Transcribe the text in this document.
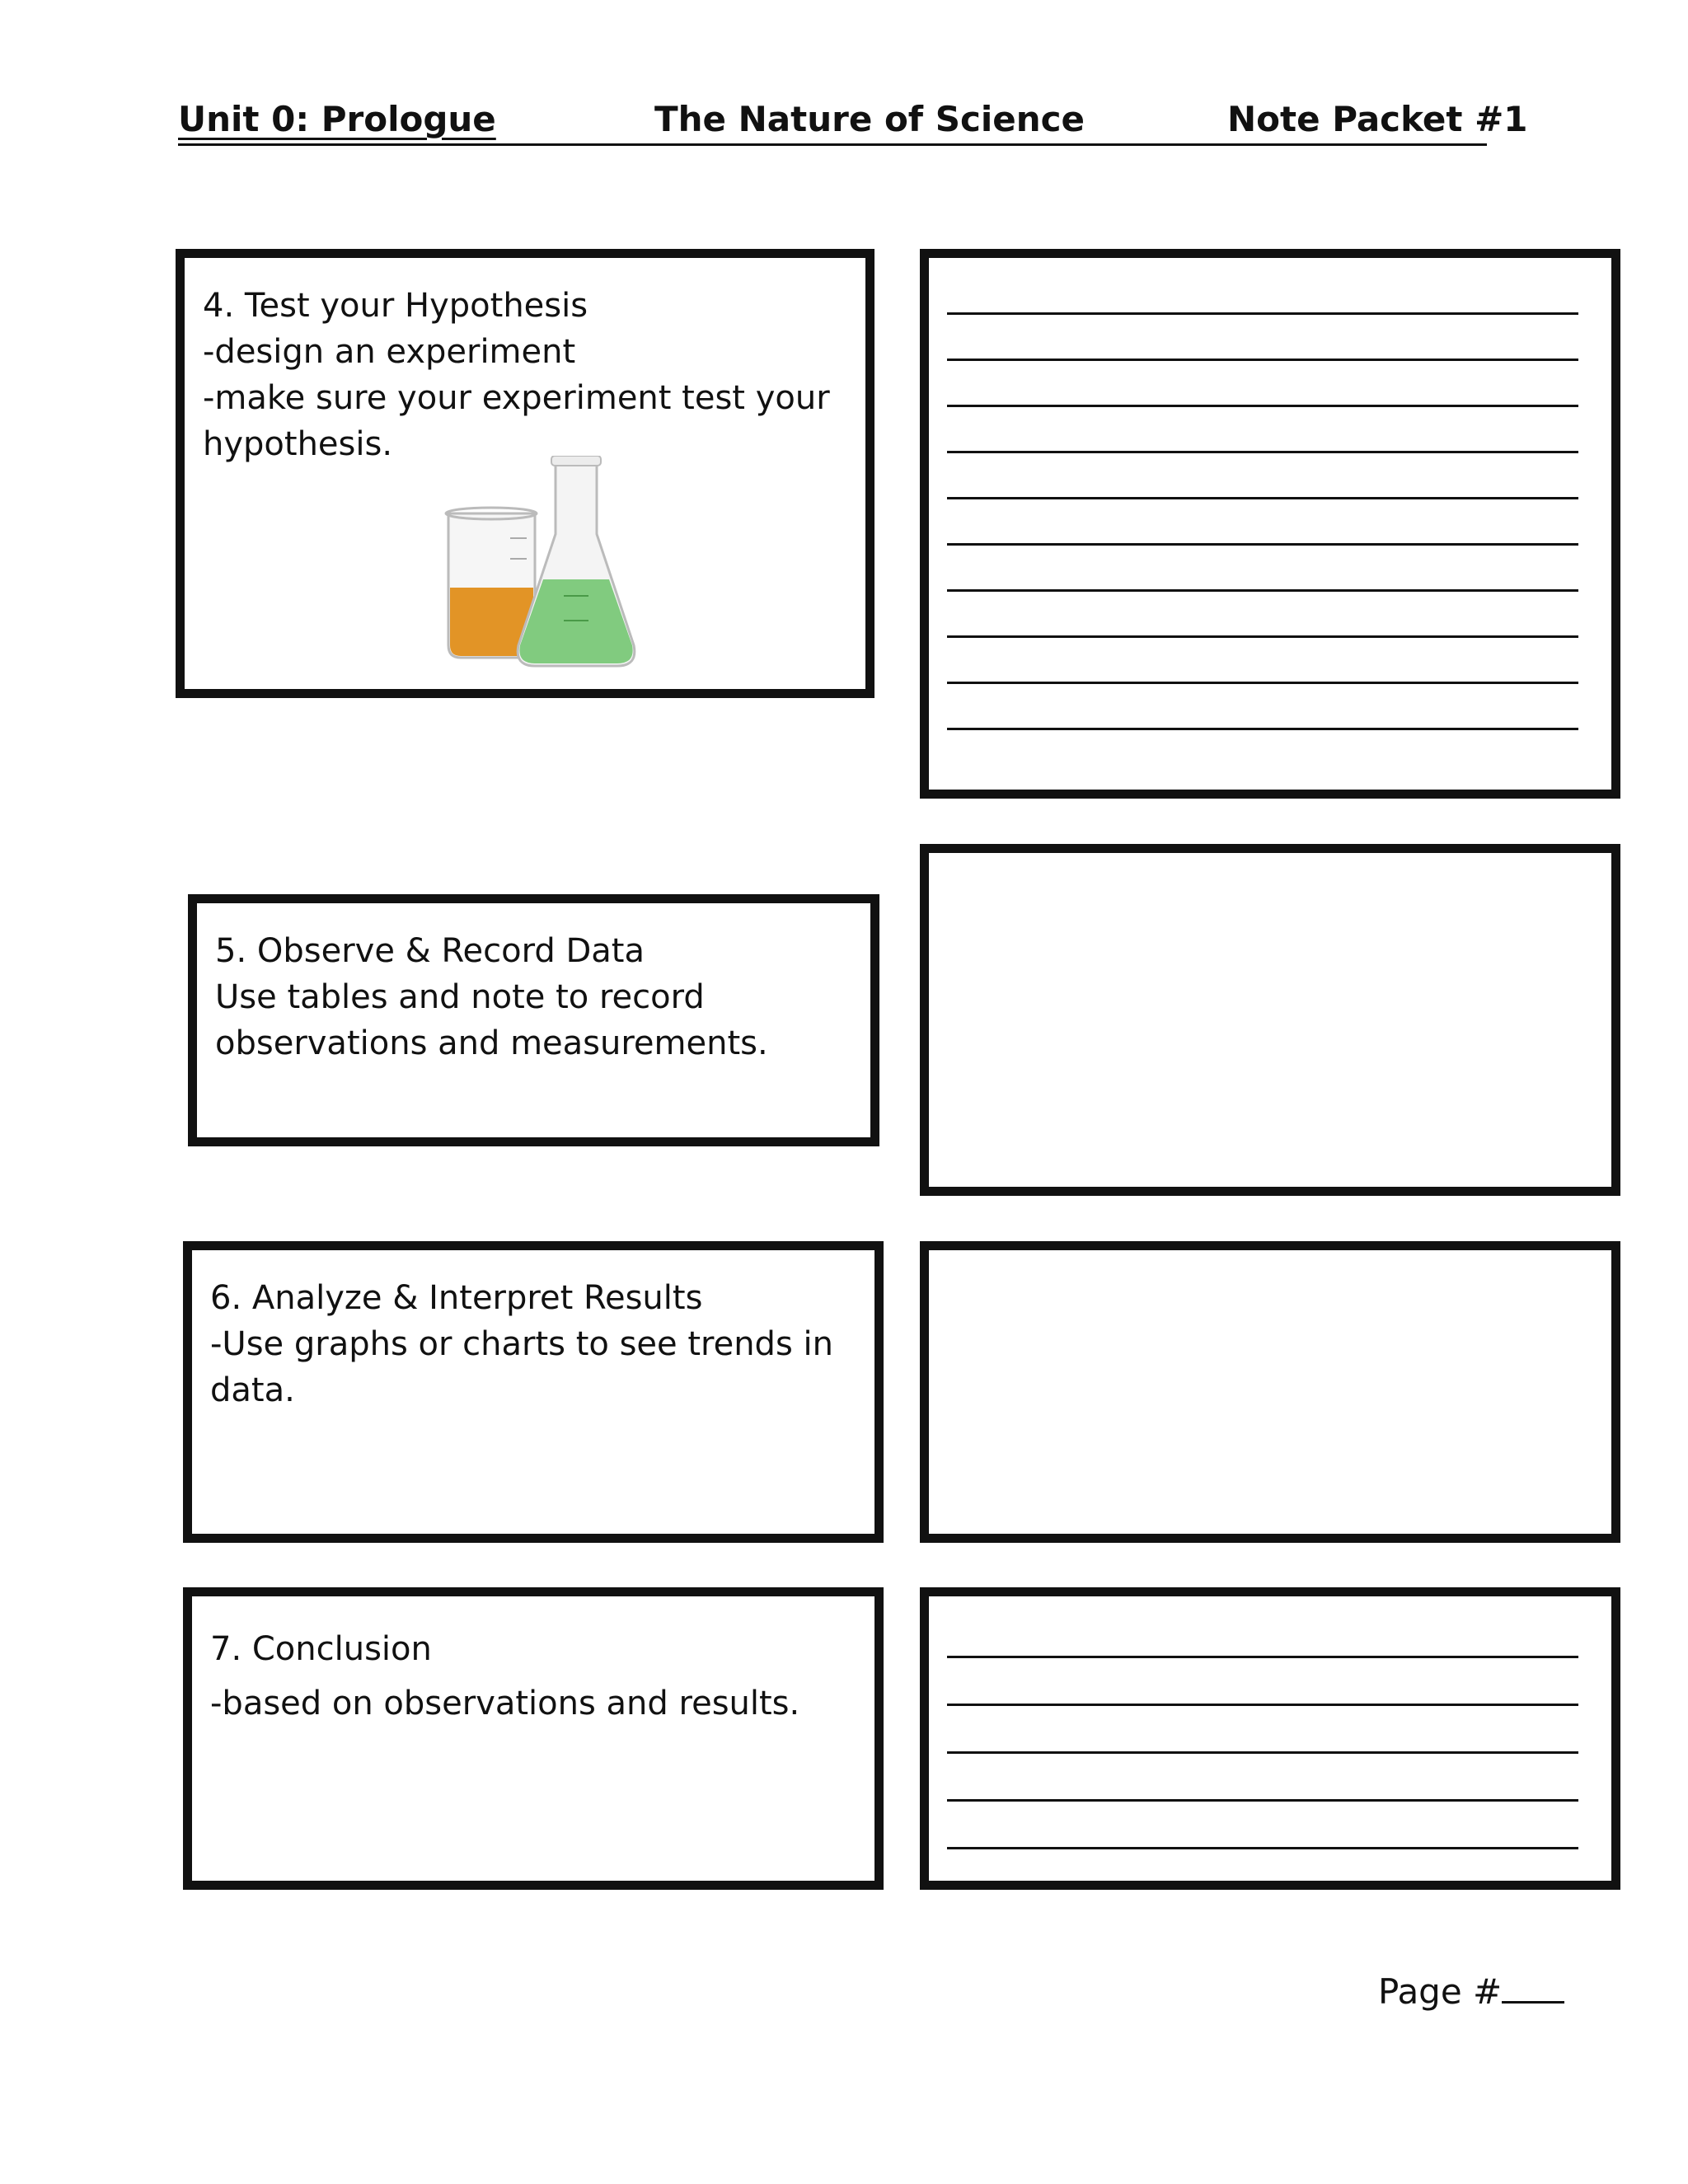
Unit 0: Prologue	The Nature of Science	Note Packet #1
4. Test your Hypothesis
-design an experiment
-make sure your experiment test your
hypothesis.
5. Observe & Record Data
Use tables and note to record
observations and measurements.
6. Analyze & Interpret Results
-Use graphs or charts to see trends in
data.
7. Conclusion
-based on observations and results.
Page #
